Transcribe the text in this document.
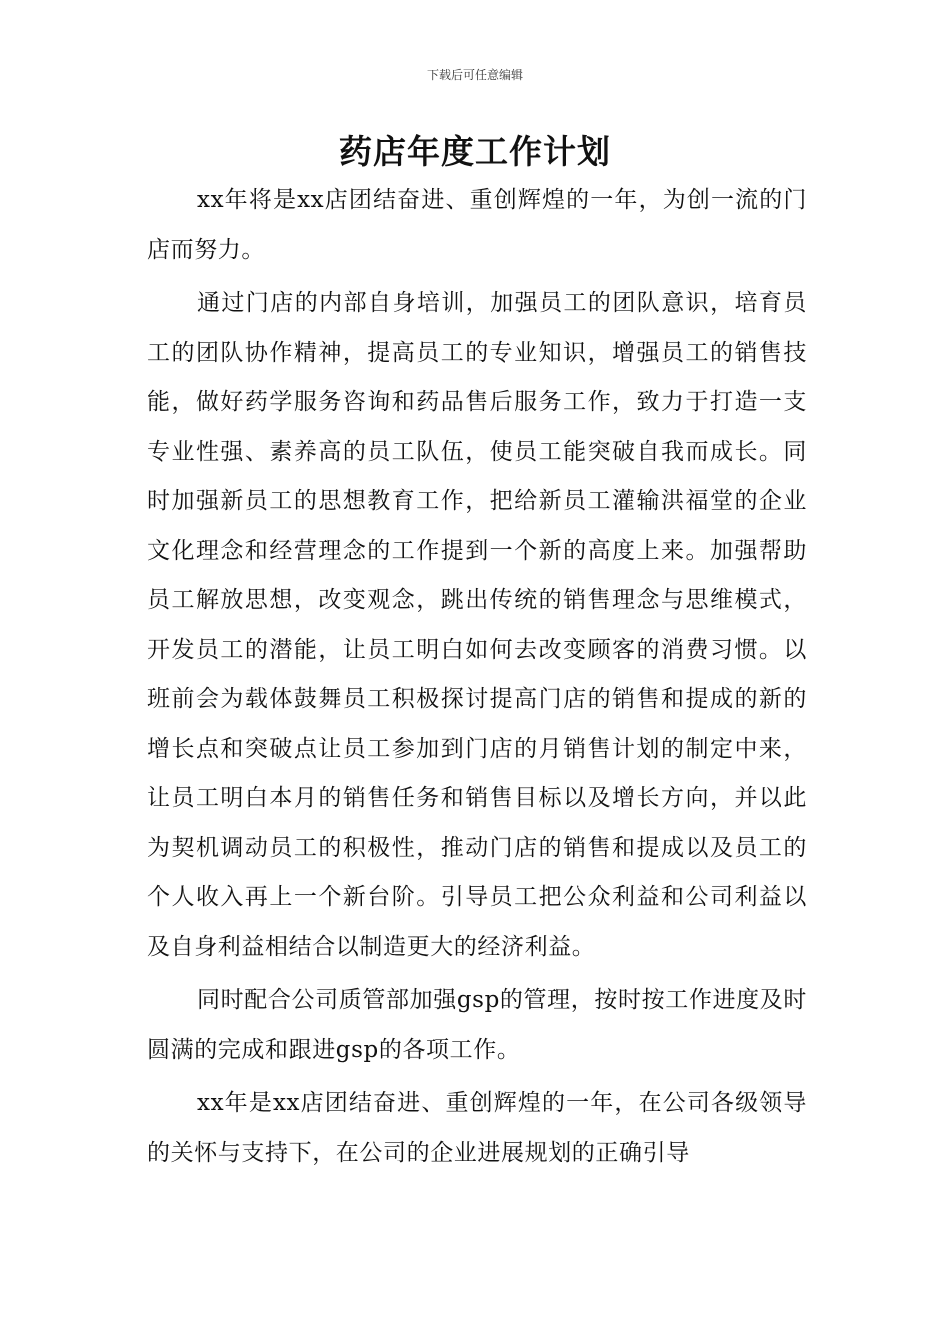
下载后可任意编辑
药店年度工作计划

xx年将是xx店团结奋进、重创辉煌的一年，为创一流的门店而努力。

通过门店的内部自身培训，加强员工的团队意识，培育员工的团队协作精神，提高员工的专业知识，增强员工的销售技能，做好药学服务咨询和药品售后服务工作，致力于打造一支专业性强、素养高的员工队伍，使员工能突破自我而成长。同时加强新员工的思想教育工作，把给新员工灌输洪福堂的企业文化理念和经营理念的工作提到一个新的高度上来。加强帮助员工解放思想，改变观念，跳出传统的销售理念与思维模式，开发员工的潜能，让员工明白如何去改变顾客的消费习惯。以班前会为载体鼓舞员工积极探讨提高门店的销售和提成的新的增长点和突破点让员工参加到门店的月销售计划的制定中来，让员工明白本月的销售任务和销售目标以及增长方向，并以此为契机调动员工的积极性，推动门店的销售和提成以及员工的个人收入再上一个新台阶。引导员工把公众利益和公司利益以及自身利益相结合以制造更大的经济利益。

同时配合公司质管部加强gsp的管理，按时按工作进度及时圆满的完成和跟进gsp的各项工作。

xx年是xx店团结奋进、重创辉煌的一年，在公司各级领导的关怀与支持下，在公司的企业进展规划的正确引导
